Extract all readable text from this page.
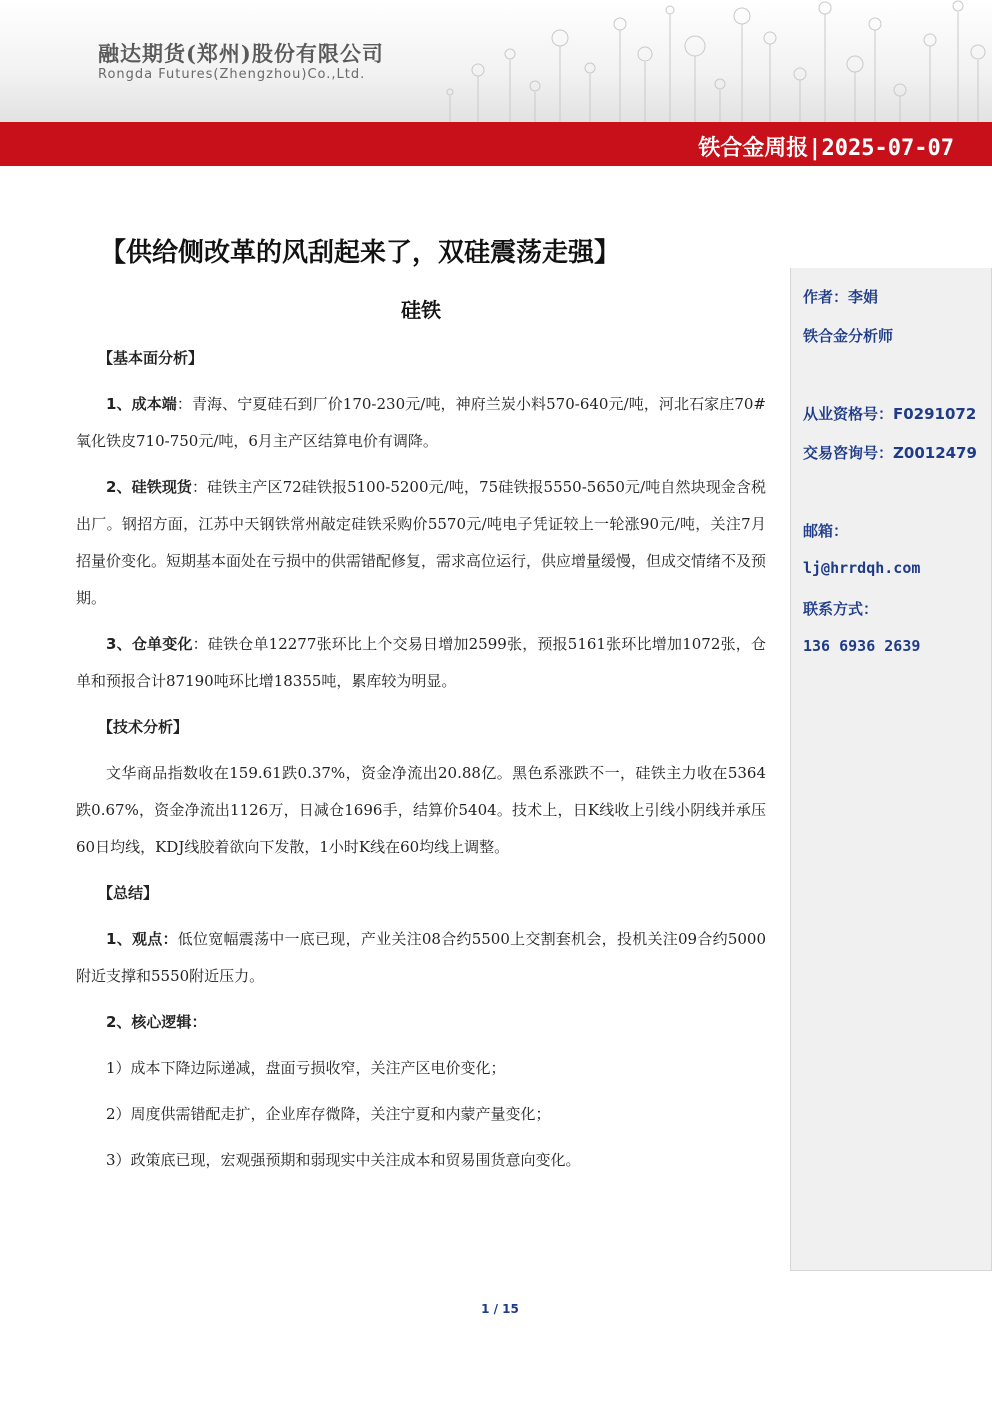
融达期货(郑州)股份有限公司
Rongda Futures(Zhengzhou)Co.,Ltd.
铁合金周报|2025-07-07
【供给侧改革的风刮起来了，双硅震荡走强】
硅铁

【基本面分析】

1、成本端：青海、宁夏硅石到厂价170-230元/吨，神府兰炭小料570-640元/吨，河北石家庄70#氧化铁皮710-750元/吨，6月主产区结算电价有调降。

2、硅铁现货：硅铁主产区72硅铁报5100-5200元/吨，75硅铁报5550-5650元/吨自然块现金含税出厂。钢招方面，江苏中天钢铁常州敲定硅铁采购价5570元/吨电子凭证较上一轮涨90元/吨，关注7月招量价变化。短期基本面处在亏损中的供需错配修复，需求高位运行，供应增量缓慢，但成交情绪不及预期。

3、仓单变化：硅铁仓单12277张环比上个交易日增加2599张，预报5161张环比增加1072张，仓单和预报合计87190吨环比增18355吨，累库较为明显。

【技术分析】

文华商品指数收在159.61跌0.37%，资金净流出20.88亿。黑色系涨跌不一，硅铁主力收在5364跌0.67%，资金净流出1126万，日减仓1696手，结算价5404。技术上，日K线收上引线小阴线并承压60日均线，KDJ线胶着欲向下发散，1小时K线在60均线上调整。

【总结】

1、观点：低位宽幅震荡中一底已现，产业关注08合约5500上交割套机会，投机关注09合约5000附近支撑和5550附近压力。

2、核心逻辑：

1）成本下降边际递减，盘面亏损收窄，关注产区电价变化；

2）周度供需错配走扩，企业库存微降，关注宁夏和内蒙产量变化；

3）政策底已现，宏观强预期和弱现实中关注成本和贸易围货意向变化。

作者：李娟
铁合金分析师
从业资格号：F0291072
交易咨询号：Z0012479
邮箱：
lj@hrrdqh.com
联系方式：
136 6936 2639
1 / 15
